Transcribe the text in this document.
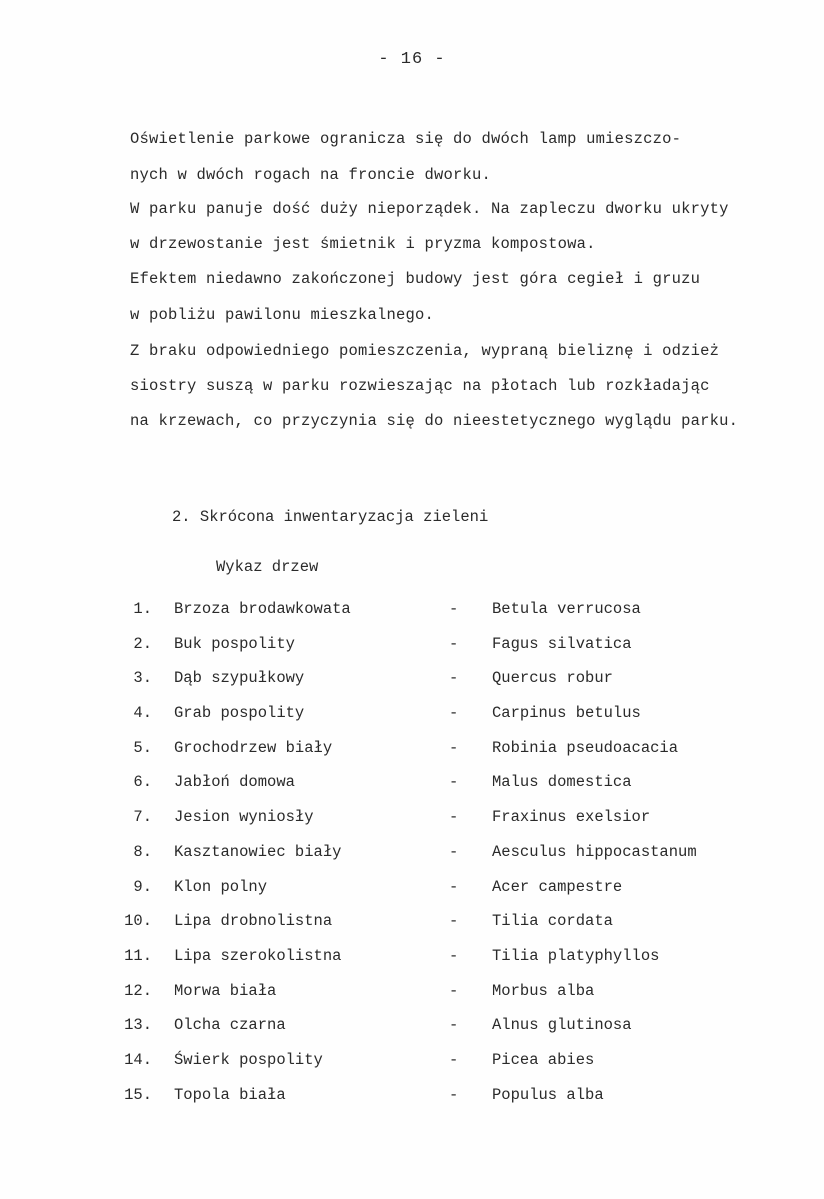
- 16 -
Oświetlenie parkowe ogranicza się do dwóch lamp umieszczo-
nych w dwóch rogach na froncie dworku.
W parku panuje dość duży nieporządek. Na zapleczu dworku ukryty
w drzewostanie jest śmietnik i pryzma kompostowa.
Efektem niedawno zakończonej budowy jest góra cegieł i gruzu
w pobliżu pawilonu mieszkalnego.
Z braku odpowiedniego pomieszczenia, wypraną bieliznę i odzież
siostry suszą w parku rozwieszając na płotach lub rozkładając
na krzewach, co przyczynia się do nieestetycznego wyglądu parku.
2. Skrócona inwentaryzacja zieleni
Wykaz drzew
1. Brzoza brodawkowata	- Betula verrucosa
2. Buk pospolity	- Fagus silvatica
3. Dąb szypułkowy	- Quercus robur
4. Grab pospolity	- Carpinus betulus
5. Grochodrzew biały	- Robinia pseudoacacia
6. Jabłoń domowa	- Malus domestica
7. Jesion wyniosły	- Fraxinus exelsior
8. Kasztanowiec biały	- Aesculus hippocastanum
9. Klon polny	- Acer campestre
10. Lipa drobnolistna	- Tilia cordata
11. Lipa szerokolistna	- Tilia platyphyllos
12. Morwa biała	- Morbus alba
13. Olcha czarna	- Alnus glutinosa
14. Świerk pospolity	- Picea abies
15. Topola biała	- Populus alba
